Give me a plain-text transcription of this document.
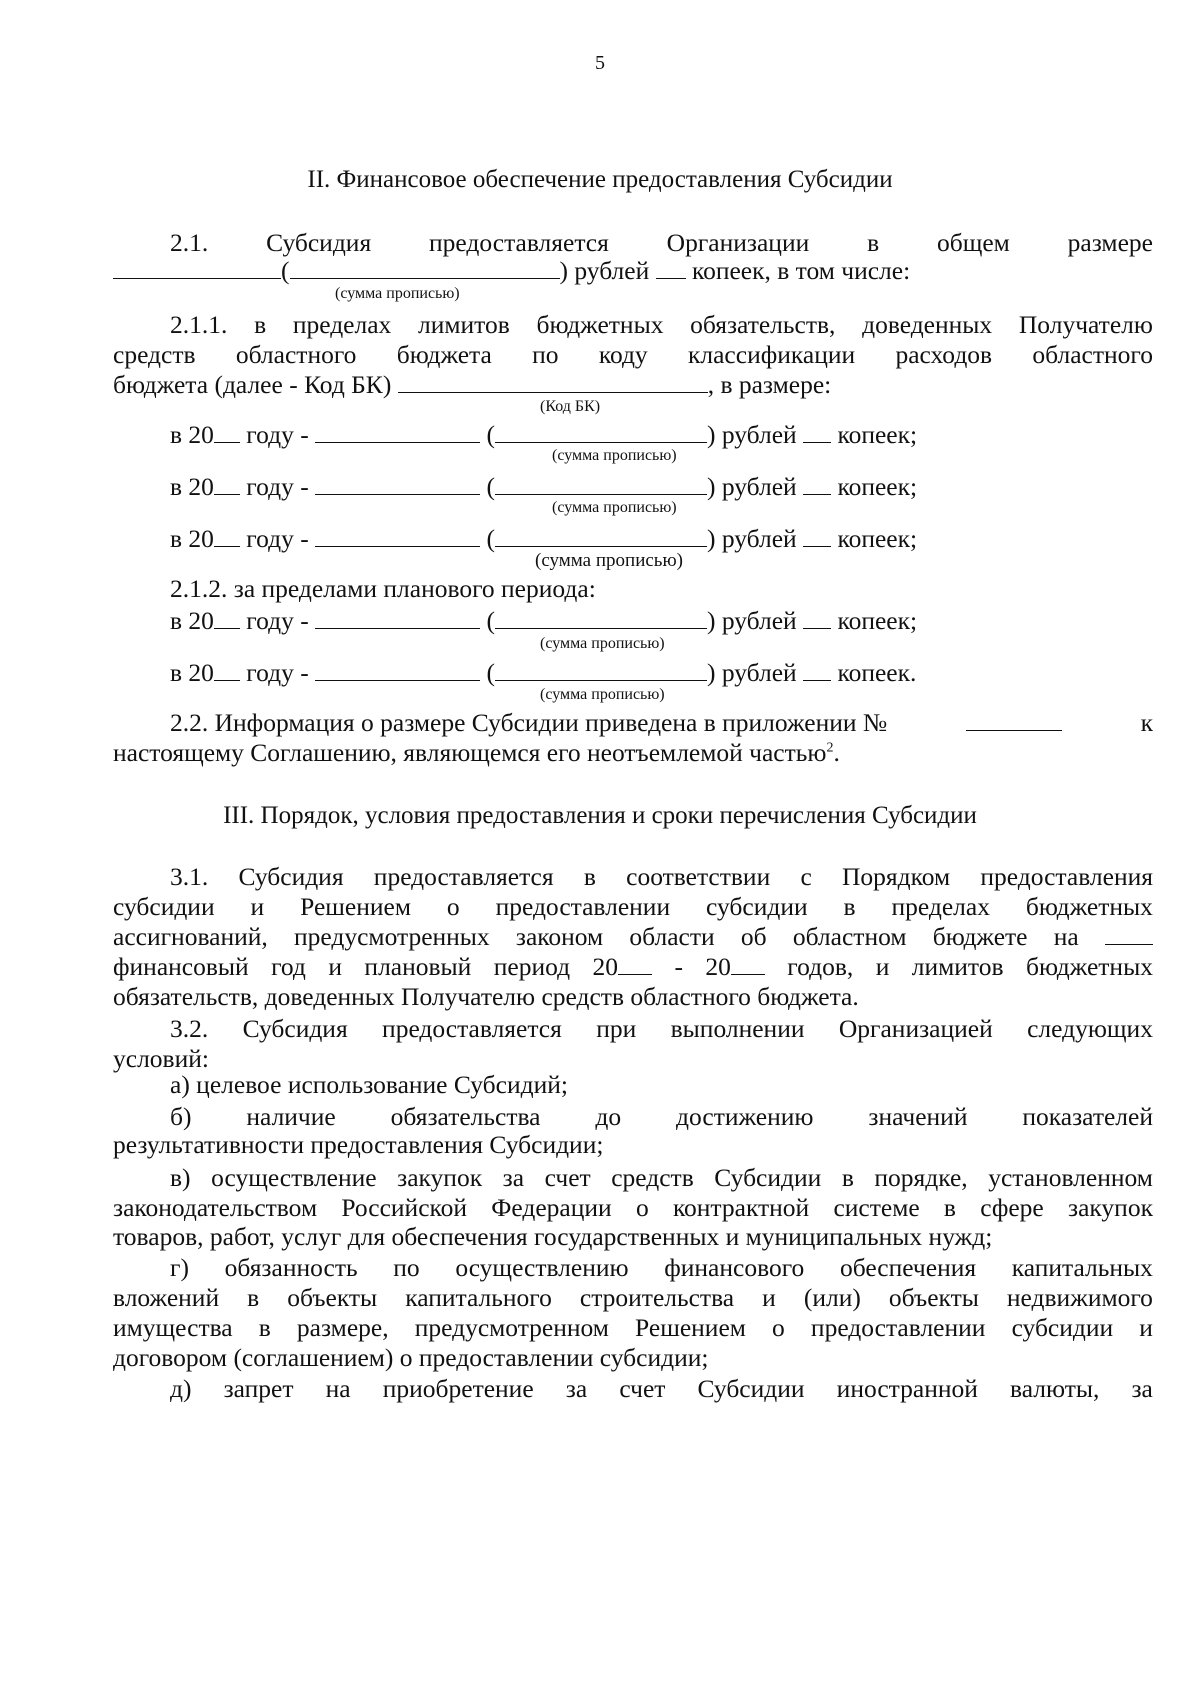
5
II. Финансовое обеспечение предоставления Субсидии
2.1. Субсидия предоставляется Организации в общем размере
(	) рублей копеек, в том числе:
(сумма прописью)
2.1.1. в пределах лимитов бюджетных обязательств, доведенных Получателю
средств областного бюджета по коду классификации расходов областного
бюджета (далее - Код БК)	, в размере:
(Код БК)
в 20 году -	(	) рублей копеек;
(сумма прописью)
в 20 году -	(	) рублей копеек;
(сумма прописью)
в 20 году -	(	) рублей копеек;
(сумма прописью)
2.1.2. за пределами планового периода:
в 20 году -	(	) рублей копеек;
(сумма прописью)
в 20 году -	(	) рублей копеек.
(сумма прописью)
2.2. Информация о размере Субсидии приведена в приложении №	к
настоящему Соглашению, являющемся его неотъемлемой частью$^2$.
III. Порядок, условия предоставления и сроки перечисления Субсидии
3.1. Субсидия предоставляется в соответствии с Порядком предоставления
субсидии и Решением о предоставлении субсидии в пределах бюджетных
ассигнований, предусмотренных законом области об областном бюджете на
финансовый год и плановый период 20	- 20	годов, и лимитов бюджетных
обязательств, доведенных Получателю средств областного бюджета.
3.2. Субсидия предоставляется при выполнении Организацией следующих
условий:
а) целевое использование Субсидий;
б) наличие обязательства до достижению значений показателей
результативности предоставления Субсидии;
в) осуществление закупок за счет средств Субсидии в порядке, установленном
законодательством Российской Федерации о контрактной системе в сфере закупок
товаров, работ, услуг для обеспечения государственных и муниципальных нужд;
г) обязанность по осуществлению финансового обеспечения капитальных
вложений в объекты капитального строительства и (или) объекты недвижимого
имущества в размере, предусмотренном Решением о предоставлении субсидии и
договором (соглашением) о предоставлении субсидии;
д) запрет на приобретение за счет Субсидии иностранной валюты, за
